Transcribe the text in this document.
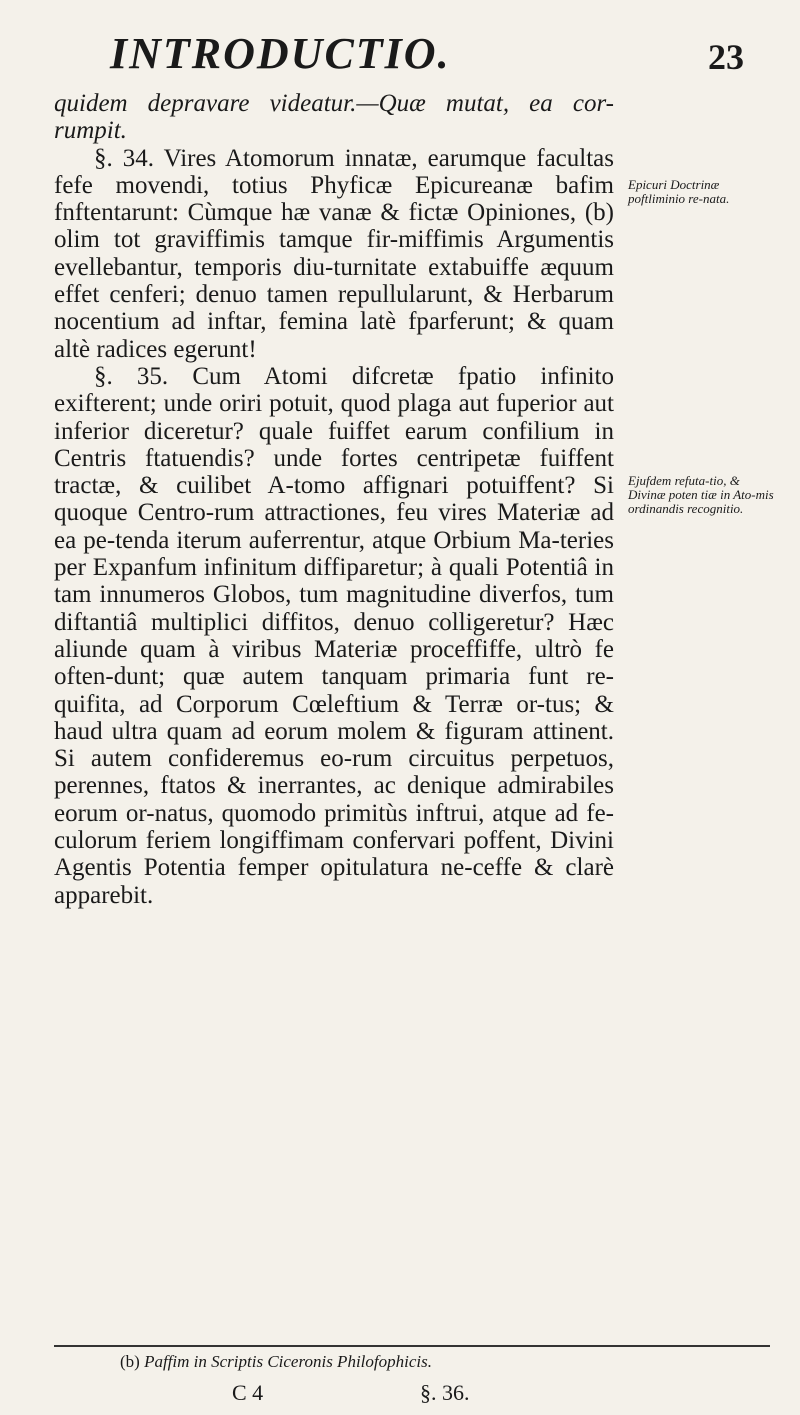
INTRODUCTIO.	23

quidem depravare videatur.—Quæ mutat, ea cor-rumpit.

§. 34. Vires Atomorum innatæ, earumque facultas fefe movendi, totius Phyficæ Epicureanæ bafim fnftentarunt: Cùmque hæ vanæ & fictæ Opiniones, (b) olim tot graviffimis tamque fir-miffimis Argumentis evellebantur, temporis diu-turnitate extabuiffe æquum effet cenferi; denuo tamen repullularunt, & Herbarum nocentium ad inftar, femina latè fparferunt; & quam altè radices egerunt!

§. 35. Cum Atomi difcretæ fpatio infinito exifterent; unde oriri potuit, quod plaga aut fuperior aut inferior diceretur? quale fuiffet earum confilium in Centris ftatuendis? unde fortes centripetæ fuiffent tractæ, & cuilibet A-tomo affignari potuiffent? Si quoque Centro-rum attractiones, feu vires Materiæ ad ea pe-tenda iterum auferrentur, atque Orbium Ma-teries per Expanfum infinitum diffiparetur; à quali Potentiâ in tam innumeros Globos, tum magnitudine diverfos, tum diftantiâ multiplici diffitos, denuo colligeretur? Hæc aliunde quam à viribus Materiæ proceffiffe, ultrò fe often-dunt; quæ autem tanquam primaria funt re-quifita, ad Corporum Cœleftium & Terræ or-tus; & haud ultra quam ad eorum molem & figuram attinent. Si autem confideremus eo-rum circuitus perpetuos, perennes, ftatos & inerrantes, ac denique admirabiles eorum or-natus, quomodo primitùs inftrui, atque ad fe-culorum feriem longiffimam confervari poffent, Divini Agentis Potentia femper opitulatura ne-ceffe & clarè apparebit.

Epicuri Doctrinæ poftliminio re-nata.
Ejufdem refuta-tio, & Divinæ poten tiæ in Ato-mis ordinandis recognitio.
(b) Paffim in Scriptis Ciceronis Philofophicis.
C 4	§. 36.
